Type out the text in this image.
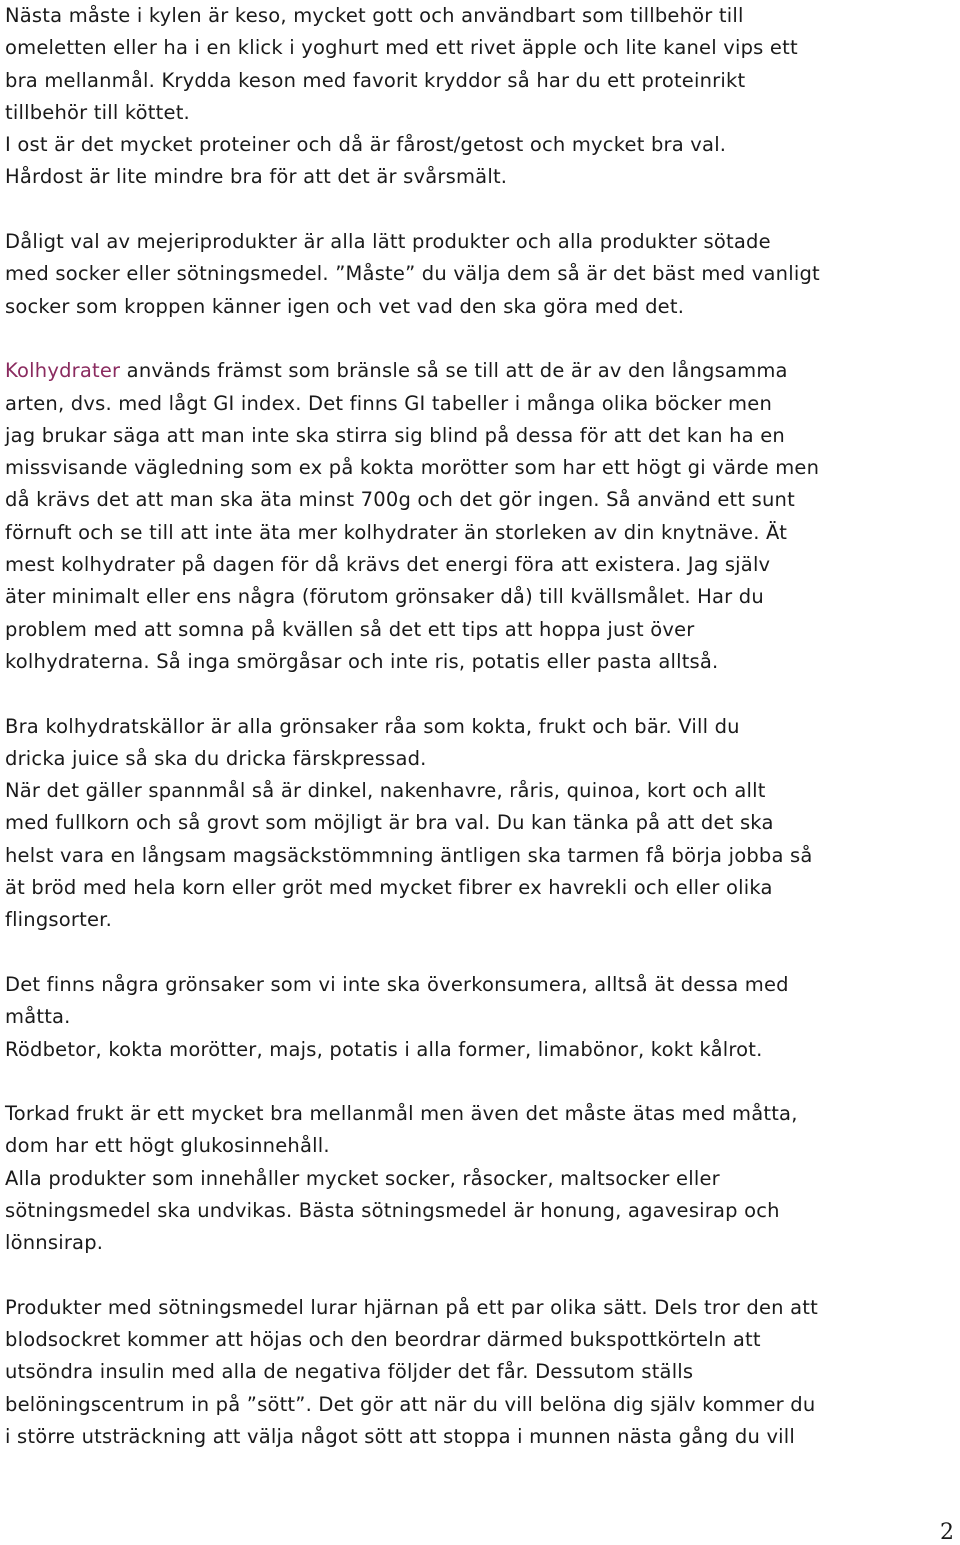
Nästa måste i kylen är keso, mycket gott och användbart som tillbehör till
omeletten eller ha i en klick i yoghurt med ett rivet äpple och lite kanel vips ett
bra mellanmål. Krydda keson med favorit kryddor så har du ett proteinrikt
tillbehör till köttet.
I ost är det mycket proteiner och då är fårost/getost och mycket bra val.
Hårdost är lite mindre bra för att det är svårsmält.

Dåligt val av mejeriprodukter är alla lätt produkter och alla produkter sötade
med socker eller sötningsmedel. ”Måste” du välja dem så är det bäst med vanligt
socker som kroppen känner igen och vet vad den ska göra med det.

Kolhydrater används främst som bränsle så se till att de är av den långsamma
arten, dvs. med lågt GI index. Det finns GI tabeller i många olika böcker men
jag brukar säga att man inte ska stirra sig blind på dessa för att det kan ha en
missvisande vägledning som ex på kokta morötter som har ett högt gi värde men
då krävs det att man ska äta minst 700g och det gör ingen. Så använd ett sunt
förnuft och se till att inte äta mer kolhydrater än storleken av din knytnäve. Ät
mest kolhydrater på dagen för då krävs det energi föra att existera. Jag själv
äter minimalt eller ens några (förutom grönsaker då) till kvällsmålet. Har du
problem med att somna på kvällen så det ett tips att hoppa just över
kolhydraterna. Så inga smörgåsar och inte ris, potatis eller pasta alltså.

Bra kolhydratskällor är alla grönsaker råa som kokta, frukt och bär. Vill du
dricka juice så ska du dricka färskpressad.
När det gäller spannmål så är dinkel, nakenhavre, råris, quinoa, kort och allt
med fullkorn och så grovt som möjligt är bra val. Du kan tänka på att det ska
helst vara en långsam magsäckstömmning äntligen ska tarmen få börja jobba så
ät bröd med hela korn eller gröt med mycket fibrer ex havrekli och eller olika
flingsorter.

Det finns några grönsaker som vi inte ska överkonsumera, alltså ät dessa med
måtta.
Rödbetor, kokta morötter, majs, potatis i alla former, limabönor, kokt kålrot.

Torkad frukt är ett mycket bra mellanmål men även det måste ätas med måtta,
dom har ett högt glukosinnehåll.
Alla produkter som innehåller mycket socker, råsocker, maltsocker eller
sötningsmedel ska undvikas. Bästa sötningsmedel är honung, agavesirap och
lönnsirap.

Produkter med sötningsmedel lurar hjärnan på ett par olika sätt. Dels tror den att
blodsockret kommer att höjas och den beordrar därmed bukspottkörteln att
utsöndra insulin med alla de negativa följder det får. Dessutom ställs
belöningscentrum in på ”sött”. Det gör att när du vill belöna dig själv kommer du
i större utsträckning att välja något sött att stoppa i munnen nästa gång du vill

2
